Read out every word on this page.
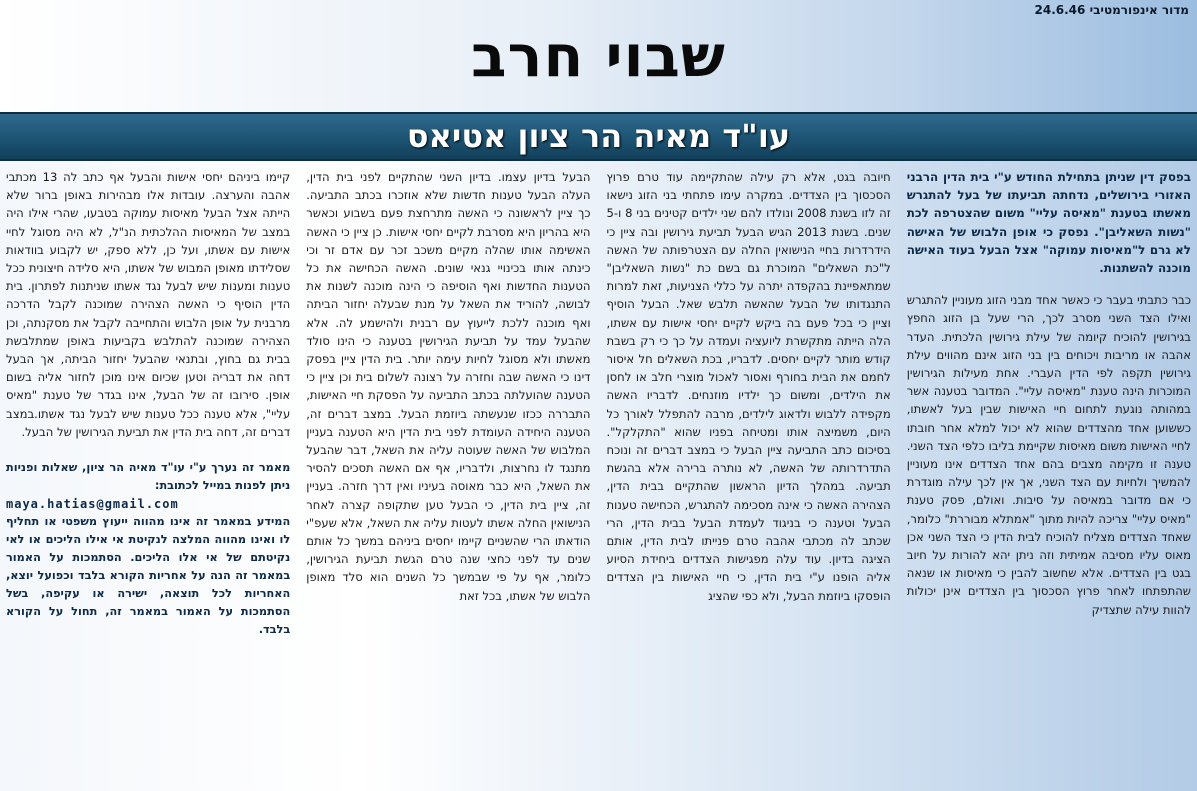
מדור אינפורמטיבי 24.6.46
שבוי חרב
עו"ד מאיה הר ציון אטיאס

בפסק דין שניתן בתחילת החודש ע"י בית הדין הרבני האזורי בירושלים, נדחתה תביעתו של בעל להתגרש מאשתו בטענת "מאיסה עליי" משום שהצטרפה לכת "נשות השאליבן". נפסק כי אופן הלבוש של האישה לא גרם ל"מאיסות עמוקה" אצל הבעל בעוד האישה מוכנה להשתנות.

כבר כתבתי בעבר כי כאשר אחד מבני הזוג מעוניין להתגרש ואילו הצד השני מסרב לכך, הרי שעל בן הזוג החפץ בגירושין להוכיח קיומה של עילת גירושין הלכתית. העדר אהבה או מריבות ויכוחים בין בני הזוג אינם מהווים עילת גירושין תקפה לפי הדין העברי. אחת מעילות הגירושין המוכרות הינה טענת "מאיסה עליי". המדובר בטענה אשר במהותה נוגעת לתחום חיי האישות שבין בעל לאשתו, כששוען אחד מהצדדים שהוא לא יכול למלא אחר חובתו לחיי האישות משום מאיסות שקיימת בליבו כלפי הצד השני. טענה זו מקימה מצבים בהם אחד הצדדים אינו מעוניין להמשיך ולחיות עם הצד השני, אך אין לכך עילה מוגדרת כי אם מדובר במאיסה על סיבות. ואולם, פסק טענת "מאיס עליי" צריכה להיות מתוך "אמתלא מבוררת" כלומר, שאחד הצדדים מצליח להוכיח לבית הדין כי הצד השני אכן מאוס עליו מסיבה אמיתית וזה ניתן יהא להורות על חיוב בגט בין הצדדים. אלא שחשוב להבין כי מאיסות או שנאה שהתפתחו לאחר פרוץ הסכסוך בין הצדדים אינן יכולות להוות עילה שתצדיק

חיובה בגט, אלא רק עילה שהתקיימה עוד טרם פרוץ הסכסוך בין הצדדים. במקרה עימו פתחתי בני הזוג נישאו זה לזו בשנת 2008 ונולדו להם שני ילדים קטינים בני 8 ו-5 שנים. בשנת 2013 הגיש הבעל תביעת גירושין ובה ציין כי הידרדרות בחיי הנישואין החלה עם הצטרפותה של האשה ל"כת השאלים" המוכרת גם בשם כת "נשות השאליבן" שמתאפיינת בהקפדה יתרה על כללי הצניעות, זאת למרות התנגדותו של הבעל שהאשה תלבש שאל. הבעל הוסיף וציין כי בכל פעם בה ביקש לקיים יחסי אישות עם אשתו, הלה הייתה מתקשרת ליועציה ועמדה על כך כי רק בשבת קודש מותר לקיים יחסים. לדבריו, בכת השאלים חל איסור לחמם את הבית בחורף ואסור לאכול מוצרי חלב או לחסן את הילדים, ומשום כך ילדיו מוזנחים. לדבריו האשה מקפידה ללבוש ולדאוג לילדים, מרבה להתפלל לאורך כל היום, משמיצה אותו ומטיחה בפניו שהוא "התקלקל". בסיכום כתב התביעה ציין הבעל כי במצב דברים זה ונוכח התדרדרותה של האשה, לא נותרה ברירה אלא בהגשת תביעה. במהלך הדיון הראשון שהתקיים בבית הדין, הצהירה האשה כי אינה מסכימה להתגרש, הכחישה טענות הבעל וטענה כי בניגוד לעמדת הבעל בבית הדין, הרי שכתב לה מכתבי אהבה טרם פנייתו לבית הדין, אותם הציגה בדיון. עוד עלה מפגישות הצדדים ביחידת הסיוע אליה הופנו ע"י בית הדין, כי חיי האישות בין הצדדים הופסקו ביוזמת הבעל, ולא כפי שהציג

הבעל בדיון עצמו. בדיון השני שהתקיים לפני בית הדין, העלה הבעל טענות חדשות שלא אוזכרו בכתב התביעה. כך ציין לראשונה כי האשה מתרחצת פעם בשבוע וכאשר היא בהריון היא מסרבת לקיים יחסי אישות. כן ציין כי האשה האשימה אותו שהלה מקיים משכב זכר עם אדם זר וכי כינתה אותו בכינויי גנאי שונים. האשה הכחישה את כל הטענות החדשות ואף הוסיפה כי הינה מוכנה לשנות את לבושה, להוריד את השאל על מנת שבעלה יחזור הביתה ואף מוכנה ללכת לייעוץ עם רבנית ולהישמע לה. אלא שהבעל עמד על תביעת הגירושין בטענה כי הינו סולד מאשתו ולא מסוגל לחיות עימה יותר. בית הדין ציין בפסק דינו כי האשה שבה וחזרה על רצונה לשלום בית וכן ציין כי הטענה שהועלתה בכתב התביעה על הפסקת חיי האישות, התבררה ככזו שנעשתה ביוזמת הבעל. במצב דברים זה, הטענה היחידה העומדת לפני בית הדין היא הטענה בעניין המלבוש של האשה שעוטה עליה את השאל, דבר שהבעל מתנגד לו נחרצות, ולדבריו, אף אם האשה תסכים להסיר את השאל, היא כבר מאוסה בעיניו ואין דרך חזרה. בעניין זה, ציין בית הדין, כי הבעל טען שתקופה קצרה לאחר הנישואין החלה אשתו לעטות עליה את השאל, אלא שעפ"י הודאתו הרי שהשניים קיימו יחסים ביניהם במשך כל אותם שנים עד לפני כחצי שנה טרם הגשת תביעת הגירושין, כלומר, אף על פי שבמשך כל השנים הוא סלד מאופן הלבוש של אשתו, בכל זאת

קיימו ביניהם יחסי אישות והבעל אף כתב לה 13 מכתבי אהבה והערצה. עובדות אלו מבהירות באופן ברור שלא הייתה אצל הבעל מאיסות עמוקה בטבעו, שהרי אילו היה במצב של המאיסות ההלכתית הנ"ל, לא היה מסוגל לחיי אישות עם אשתו, ועל כן, ללא ספק, יש לקבוע בוודאות שסלידתו מאופן המבוש של אשתו, היא סלידה חיצונית ככל טענות ומענות שיש לבעל נגד אשתו שניתנות לפתרון. בית הדין הוסיף כי האשה הצהירה שמוכנה לקבל הדרכה מרבנית על אופן הלבוש והתחייבה לקבל את מסקנתה, וכן הצהירה שמוכנה להתלבש בקביעות באופן שמתלבשת בבית גם בחוץ, ובתנאי שהבעל יחזור הביתה, אך הבעל דחה את דבריה וטען שכיום אינו מוכן לחזור אליה בשום אופן. סירובו זה של הבעל, אינו בגדר של טענת "מאיס עליי", אלא טענה ככל טענות שיש לבעל נגד אשתו.במצב דברים זה, דחה בית הדין את תביעת הגירושין של הבעל.

מאמר זה נערך ע"י עו"ד מאיה הר ציון, שאלות ופניות ניתן לפנות במייל לכתובת:
maya.hatias@gmail.com
המידע במאמר זה אינו מהווה ייעוץ משפטי או תחליף לו ואינו מהווה המלצה לנקיטת אי אילו הליכים או לאי נקיטתם של אי אלו הליכים. הסתמכות על האמור במאמר זה הנה על אחריות הקורא בלבד וכפועל יוצא, האחריות לכל תוצאה, ישירה או עקיפה, בשל הסתמכות על האמור במאמר זה, תחול על הקורא בלבד.
